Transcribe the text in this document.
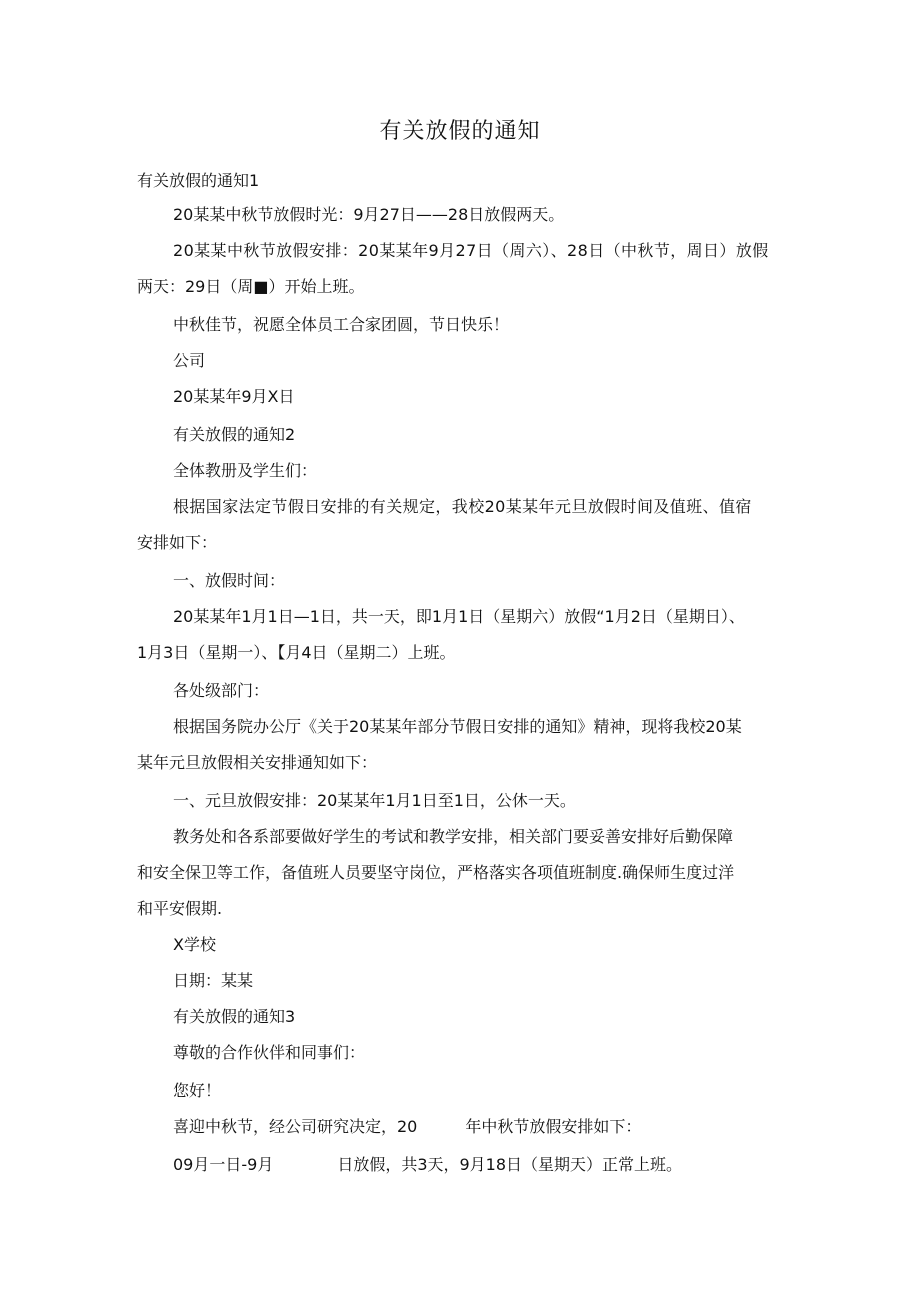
有关放假的通知

有关放假的通知1

20某某中秋节放假时光：9月27日——28日放假两天。

20某某中秋节放假安排：20某某年9月27日（周六）、28日（中秋节，周日）放假

两天：29日（周■）开始上班。

中秋佳节，祝愿全体员工合家团圆，节日快乐！

公司

20某某年9月X日

有关放假的通知2

全体教册及学生们：

根据国家法定节假日安排的有关规定，我校20某某年元旦放假时间及值班、值宿

安排如下：

一、放假时间：

20某某年1月1日—1日，共一天，即1月1日（星期六）放假“1月2日（星期日）、

1月3日（星期一）、【月4日（星期二）上班。

各处级部门：

根据国务院办公厅《关于20某某年部分节假日安排的通知》精神，现将我校20某

某年元旦放假相关安排通知如下：

一、元旦放假安排：20某某年1月1日至1日，公休一天。

教务处和各系部要做好学生的考试和教学安排，相关部门要妥善安排好后勤保障

和安全保卫等工作，备值班人员要坚守岗位，严格落实各项值班制度.确保师生度过洋

和平安假期.

X学校

日期：某某

有关放假的通知3

尊敬的合作伙伴和同事们：

您好！

喜迎中秋节，经公司研究决定，20　　　年中秋节放假安排如下：

09月一日-9月　　　　日放假，共3天，9月18日（星期天）正常上班。
